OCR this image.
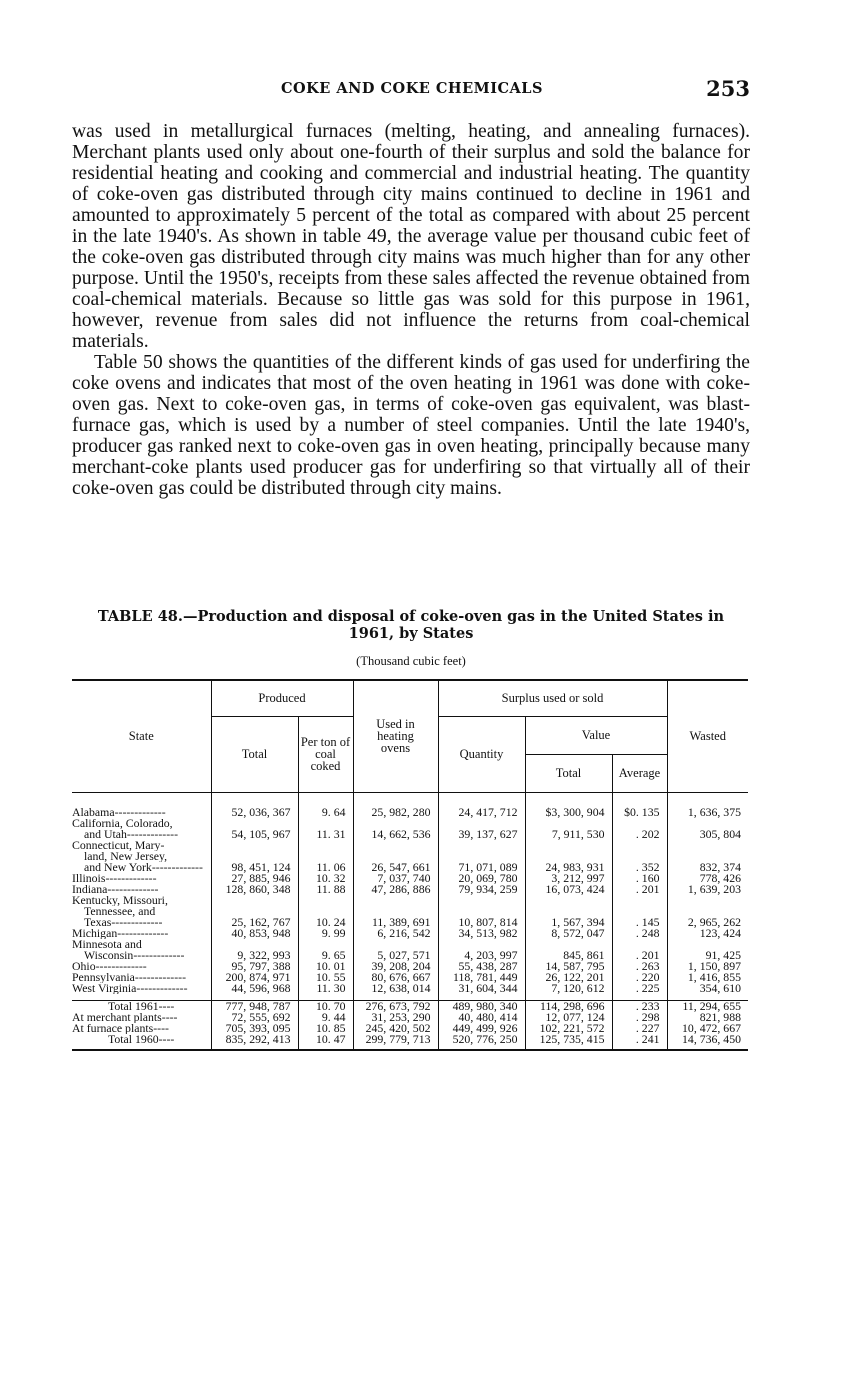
COKE AND COKE CHEMICALS	253

was used in metallurgical furnaces (melting, heating, and annealing furnaces). Merchant plants used only about one-fourth of their surplus and sold the balance for residential heating and cooking and commercial and industrial heating. The quantity of coke-oven gas distributed through city mains continued to decline in 1961 and amounted to approximately 5 percent of the total as compared with about 25 percent in the late 1940's. As shown in table 49, the average value per thousand cubic feet of the coke-oven gas distributed through city mains was much higher than for any other purpose. Until the 1950's, receipts from these sales affected the revenue obtained from coal-chemical materials. Because so little gas was sold for this purpose in 1961, however, revenue from sales did not influence the returns from coal-chemical materials.

Table 50 shows the quantities of the different kinds of gas used for underfiring the coke ovens and indicates that most of the oven heating in 1961 was done with coke-oven gas. Next to coke-oven gas, in terms of coke-oven gas equivalent, was blast-furnace gas, which is used by a number of steel companies. Until the late 1940's, producer gas ranked next to coke-oven gas in oven heating, principally because many merchant-coke plants used producer gas for underfiring so that virtually all of their coke-oven gas could be distributed through city mains.

TABLE 48.—Production and disposal of coke-oven gas in the United States in
1961, by States
(Thousand cubic feet)
State	Produced		Used in heating ovens	Surplus used or sold			Wasted
	Total	Per ton of coal coked		Quantity	Value		
					Total	Average	

Alabama-------------	52, 036, 367	9. 64	25, 982, 280	24, 417, 712	$3, 300, 904	$0. 135	1, 636, 375
California, Colorado,							
and Utah-------------	54, 105, 967	11. 31	14, 662, 536	39, 137, 627	7, 911, 530	. 202	305, 804
Connecticut, Mary-							
land, New Jersey,							
and New York-------------	98, 451, 124	11. 06	26, 547, 661	71, 071, 089	24, 983, 931	. 352	832, 374
Illinois-------------	27, 885, 946	10. 32	7, 037, 740	20, 069, 780	3, 212, 997	. 160	778, 426
Indiana-------------	128, 860, 348	11. 88	47, 286, 886	79, 934, 259	16, 073, 424	. 201	1, 639, 203
Kentucky, Missouri,							
Tennessee, and							
Texas-------------	25, 162, 767	10. 24	11, 389, 691	10, 807, 814	1, 567, 394	. 145	2, 965, 262
Michigan-------------	40, 853, 948	9. 99	6, 216, 542	34, 513, 982	8, 572, 047	. 248	123, 424
Minnesota and							
Wisconsin-------------	9, 322, 993	9. 65	5, 027, 571	4, 203, 997	845, 861	. 201	91, 425
Ohio-------------	95, 797, 388	10. 01	39, 208, 204	55, 438, 287	14, 587, 795	. 263	1, 150, 897
Pennsylvania-------------	200, 874, 971	10. 55	80, 676, 667	118, 781, 449	26, 122, 201	. 220	1, 416, 855
West Virginia-------------	44, 596, 968	11. 30	12, 638, 014	31, 604, 344	7, 120, 612	. 225	354, 610

Total 1961----	777, 948, 787	10. 70	276, 673, 792	489, 980, 340	114, 298, 696	. 233	11, 294, 655
At merchant plants----	72, 555, 692	9. 44	31, 253, 290	40, 480, 414	12, 077, 124	. 298	821, 988
At furnace plants----	705, 393, 095	10. 85	245, 420, 502	449, 499, 926	102, 221, 572	. 227	10, 472, 667
Total 1960----	835, 292, 413	10. 47	299, 779, 713	520, 776, 250	125, 735, 415	. 241	14, 736, 450
